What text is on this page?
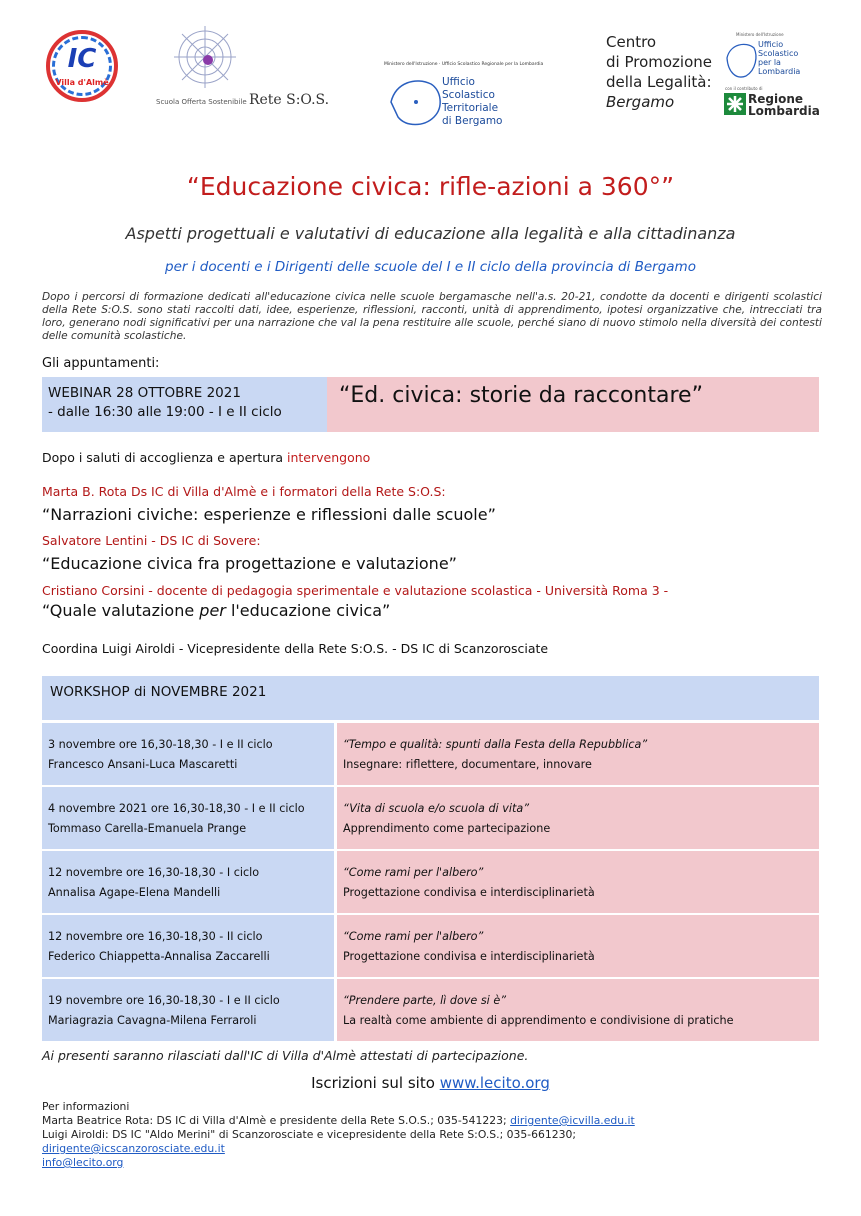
IC
Villa d'Almè
Scuola Offerta Sostenibile Rete S:O.S.
Ministero dell'Istruzione · Ufficio Scolastico Regionale per la Lombardia
Ufficio
Scolastico
Territoriale
di Bergamo
Centro
di Promozione
della Legalità:
Bergamo
Ministero dell'Istruzione
Ufficio
Scolastico
per la
Lombardia
con il contributo di
Regione
Lombardia
“Educazione civica: rifle-azioni a 360°”
Aspetti progettuali e valutativi di educazione alla legalità e alla cittadinanza
per i docenti e i Dirigenti delle scuole del I e II ciclo della provincia di Bergamo
Dopo i percorsi di formazione dedicati all'educazione civica nelle scuole bergamasche nell'a.s. 20-21, condotte da docenti e dirigenti scolastici della Rete S:O.S. sono stati raccolti dati, idee, esperienze, riflessioni, racconti, unità di apprendimento, ipotesi organizzative che, intrecciati tra loro, generano nodi significativi per una narrazione che val la pena restituire alle scuole, perché siano di nuovo stimolo nella diversità dei contesti delle comunità scolastiche.
Gli appuntamenti:
WEBINAR 28 OTTOBRE 2021
- dalle 16:30 alle 19:00 - I e II ciclo
“Ed. civica: storie da raccontare”
Dopo i saluti di accoglienza e apertura intervengono
Marta B. Rota Ds IC di Villa d'Almè e i formatori della Rete S:O.S:
“Narrazioni civiche: esperienze e riflessioni dalle scuole”
Salvatore Lentini - DS IC di Sovere:
“Educazione civica fra progettazione e valutazione”
Cristiano Corsini - docente di pedagogia sperimentale e valutazione scolastica - Università Roma 3 -
“Quale valutazione per l'educazione civica”
Coordina Luigi Airoldi - Vicepresidente della Rete S:O.S. - DS IC di Scanzorosciate
WORKSHOP di NOVEMBRE 2021
3 novembre ore 16,30-18,30 - I e II ciclo
Francesco Ansani-Luca Mascaretti
“Tempo e qualità: spunti dalla Festa della Repubblica”
Insegnare: riflettere, documentare, innovare
4 novembre 2021 ore 16,30-18,30 - I e II ciclo
Tommaso Carella-Emanuela Prange
“Vita di scuola e/o scuola di vita”
Apprendimento come partecipazione
12 novembre ore 16,30-18,30 - I ciclo
Annalisa Agape-Elena Mandelli
“Come rami per l'albero”
Progettazione condivisa e interdisciplinarietà
12 novembre ore 16,30-18,30 - II ciclo
Federico Chiappetta-Annalisa Zaccarelli
“Come rami per l'albero”
Progettazione condivisa e interdisciplinarietà
19 novembre ore 16,30-18,30 - I e II ciclo
Mariagrazia Cavagna-Milena Ferraroli
“Prendere parte, lì dove si è”
La realtà come ambiente di apprendimento e condivisione di pratiche
Ai presenti saranno rilasciati dall'IC di Villa d'Almè attestati di partecipazione.
Iscrizioni sul sito www.lecito.org
Per informazioni
Marta Beatrice Rota: DS IC di Villa d'Almè e presidente della Rete S.O.S.; 035-541223; dirigente@icvilla.edu.it
Luigi Airoldi: DS IC "Aldo Merini" di Scanzorosciate e vicepresidente della Rete S:O.S.; 035-661230;
dirigente@icscanzorosciate.edu.it
info@lecito.org
